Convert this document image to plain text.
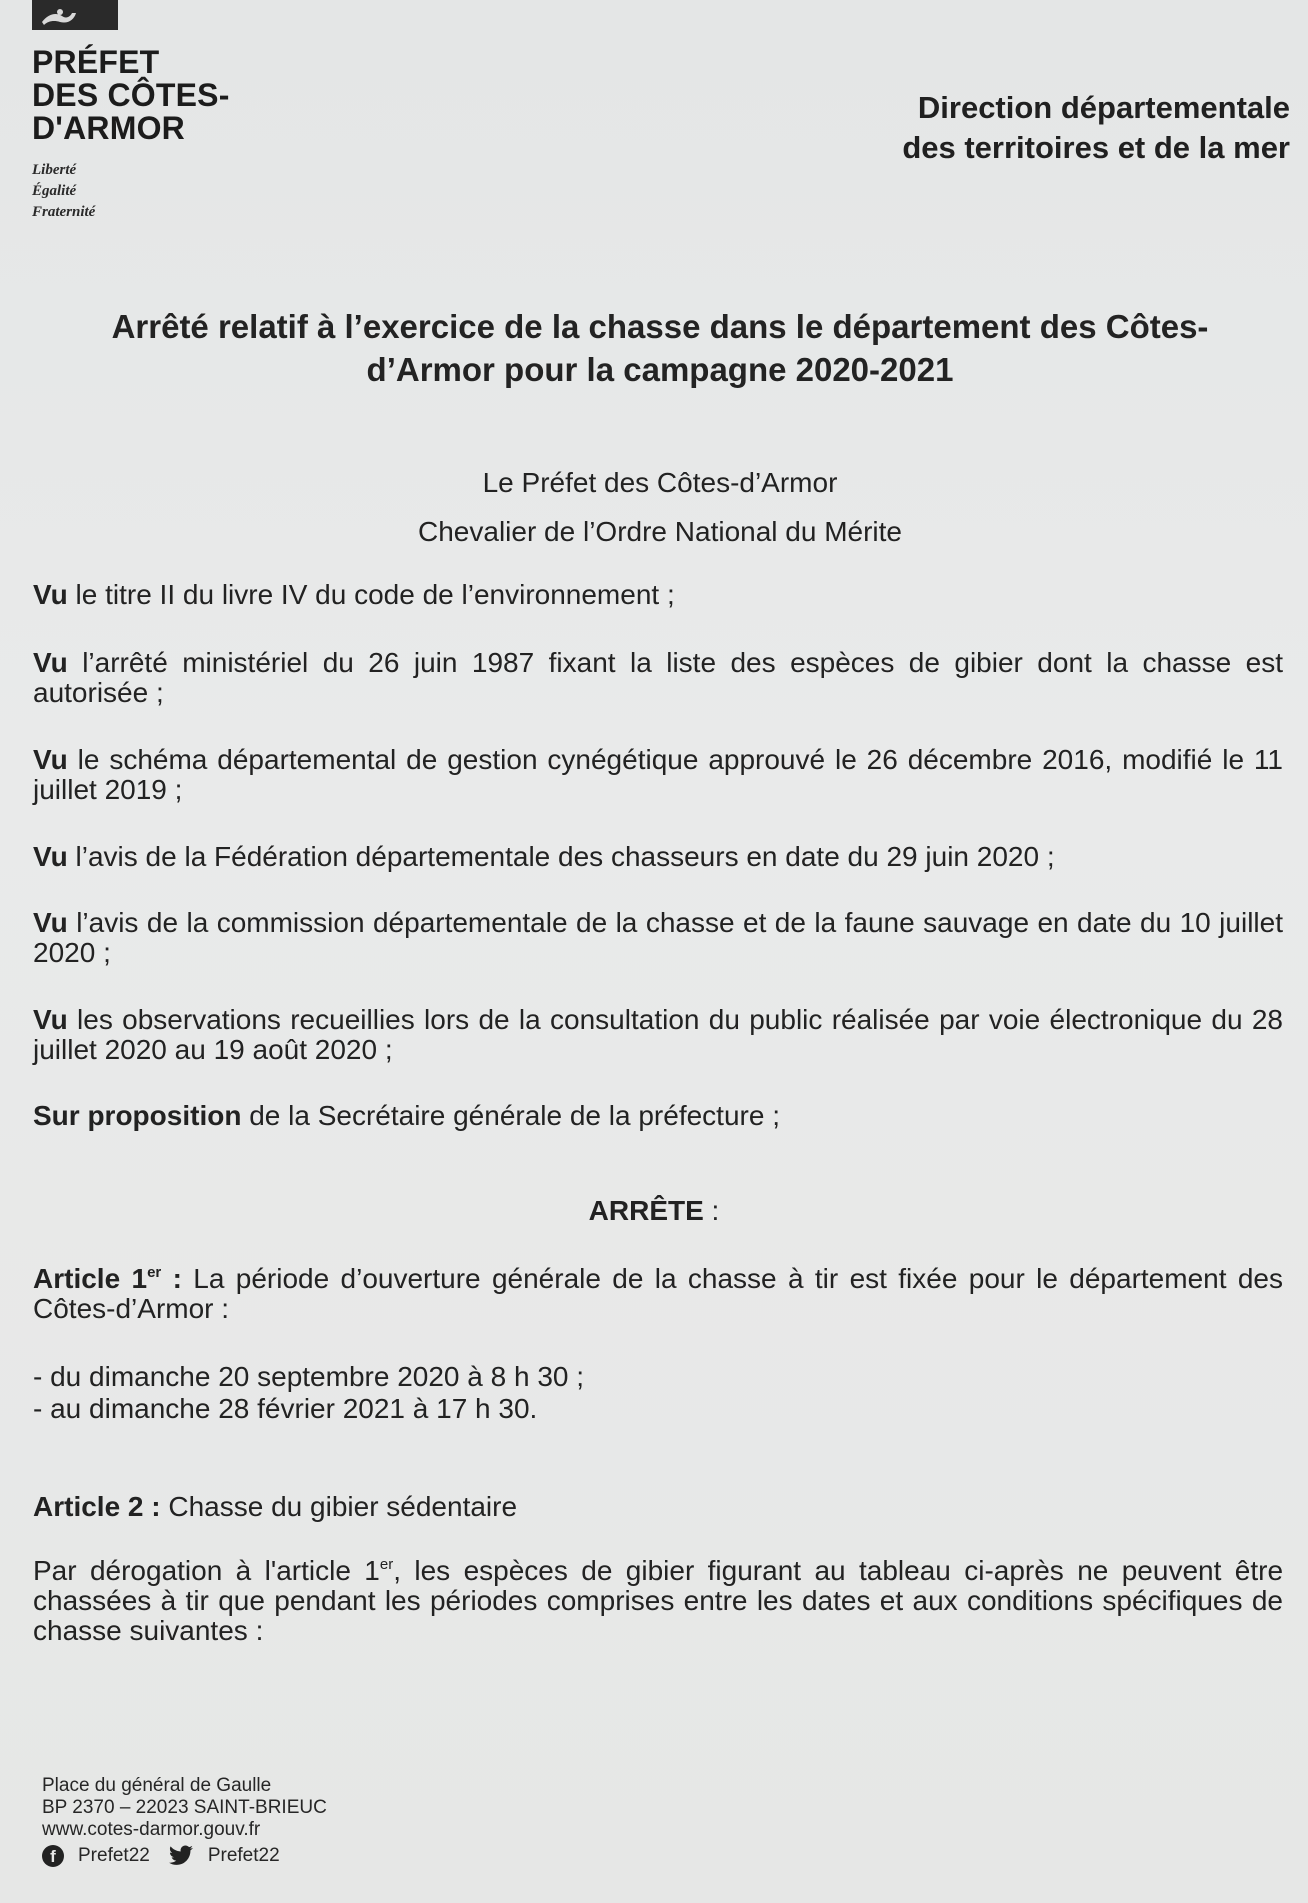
PRÉFET
DES CÔTES-
D'ARMOR
Liberté
Égalité
Fraternité
Direction départementale
des territoires et de la mer
Arrêté relatif à l’exercice de la chasse dans le département des Côtes-
d’Armor pour la campagne 2020-2021
Le Préfet des Côtes-d’Armor
Chevalier de l’Ordre National du Mérite
Vu le titre II du livre IV du code de l’environnement ;
Vu l’arrêté ministériel du 26 juin 1987 fixant la liste des espèces de gibier dont la chasse est autorisée ;
Vu le schéma départemental de gestion cynégétique approuvé le 26 décembre 2016, modifié le 11 juillet 2019 ;
Vu l’avis de la Fédération départementale des chasseurs en date du 29 juin 2020 ;
Vu l’avis de la commission départementale de la chasse et de la faune sauvage en date du 10 juillet 2020 ;
Vu les observations recueillies lors de la consultation du public réalisée par voie électronique du 28 juillet 2020 au 19 août 2020 ;
Sur proposition de la Secrétaire générale de la préfecture ;
ARRÊTE :
Article 1er : La période d’ouverture générale de la chasse à tir est fixée pour le département des Côtes-d’Armor :
- du dimanche 20 septembre 2020 à 8 h 30 ;
- au dimanche 28 février 2021 à 17 h 30.
Article 2 : Chasse du gibier sédentaire
Par dérogation à l'article 1er, les espèces de gibier figurant au tableau ci-après ne peuvent être chassées à tir que pendant les périodes comprises entre les dates et aux conditions spécifiques de chasse suivantes :
Place du général de Gaulle
BP 2370 – 22023 SAINT-BRIEUC
www.cotes-darmor.gouv.fr
f	Prefet22	Prefet22
